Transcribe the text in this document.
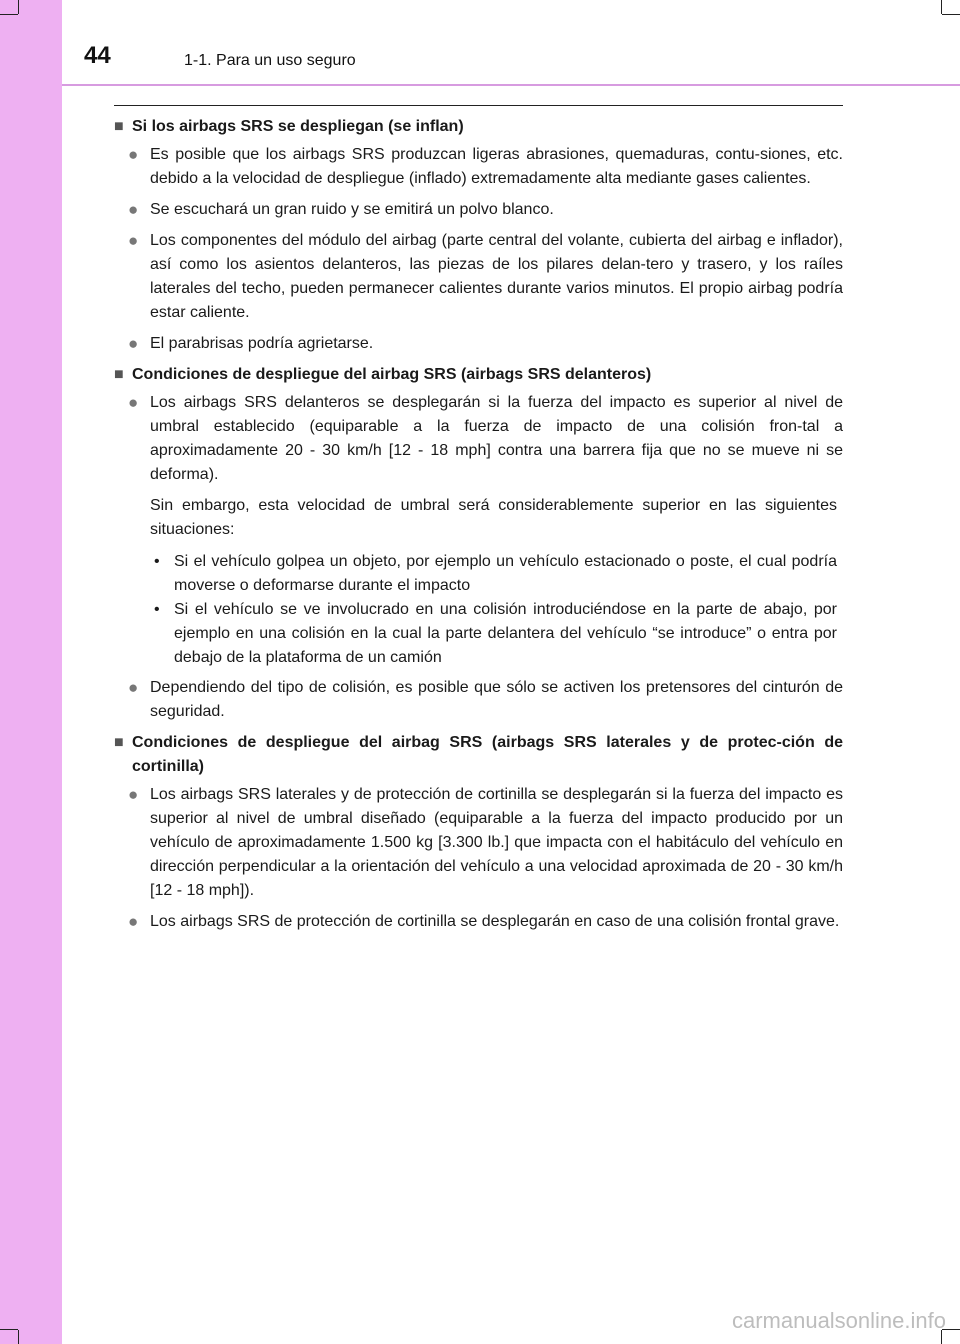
44	1-1. Para un uso seguro
■ Si los airbags SRS se despliegan (se inflan)
● Es posible que los airbags SRS produzcan ligeras abrasiones, quemaduras, contu-siones, etc. debido a la velocidad de despliegue (inflado) extremadamente alta mediante gases calientes.
● Se escuchará un gran ruido y se emitirá un polvo blanco.
● Los componentes del módulo del airbag (parte central del volante, cubierta del airbag e inflador), así como los asientos delanteros, las piezas de los pilares delan-tero y trasero, y los raíles laterales del techo, pueden permanecer calientes durante varios minutos. El propio airbag podría estar caliente.
● El parabrisas podría agrietarse.
■ Condiciones de despliegue del airbag SRS (airbags SRS delanteros)
● Los airbags SRS delanteros se desplegarán si la fuerza del impacto es superior al nivel de umbral establecido (equiparable a la fuerza de impacto de una colisión fron-tal a aproximadamente 20 - 30 km/h [12 - 18 mph] contra una barrera fija que no se mueve ni se deforma).
Sin embargo, esta velocidad de umbral será considerablemente superior en las siguientes situaciones:
• Si el vehículo golpea un objeto, por ejemplo un vehículo estacionado o poste, el cual podría moverse o deformarse durante el impacto
• Si el vehículo se ve involucrado en una colisión introduciéndose en la parte de abajo, por ejemplo en una colisión en la cual la parte delantera del vehículo “se introduce” o entra por debajo de la plataforma de un camión
● Dependiendo del tipo de colisión, es posible que sólo se activen los pretensores del cinturón de seguridad.
■ Condiciones de despliegue del airbag SRS (airbags SRS laterales y de protec-ción de cortinilla)
● Los airbags SRS laterales y de protección de cortinilla se desplegarán si la fuerza del impacto es superior al nivel de umbral diseñado (equiparable a la fuerza del impacto producido por un vehículo de aproximadamente 1.500 kg [3.300 lb.] que impacta con el habitáculo del vehículo en dirección perpendicular a la orientación del vehículo a una velocidad aproximada de 20 - 30 km/h [12 - 18 mph]).
● Los airbags SRS de protección de cortinilla se desplegarán en caso de una colisión frontal grave.
carmanualsonline.info
